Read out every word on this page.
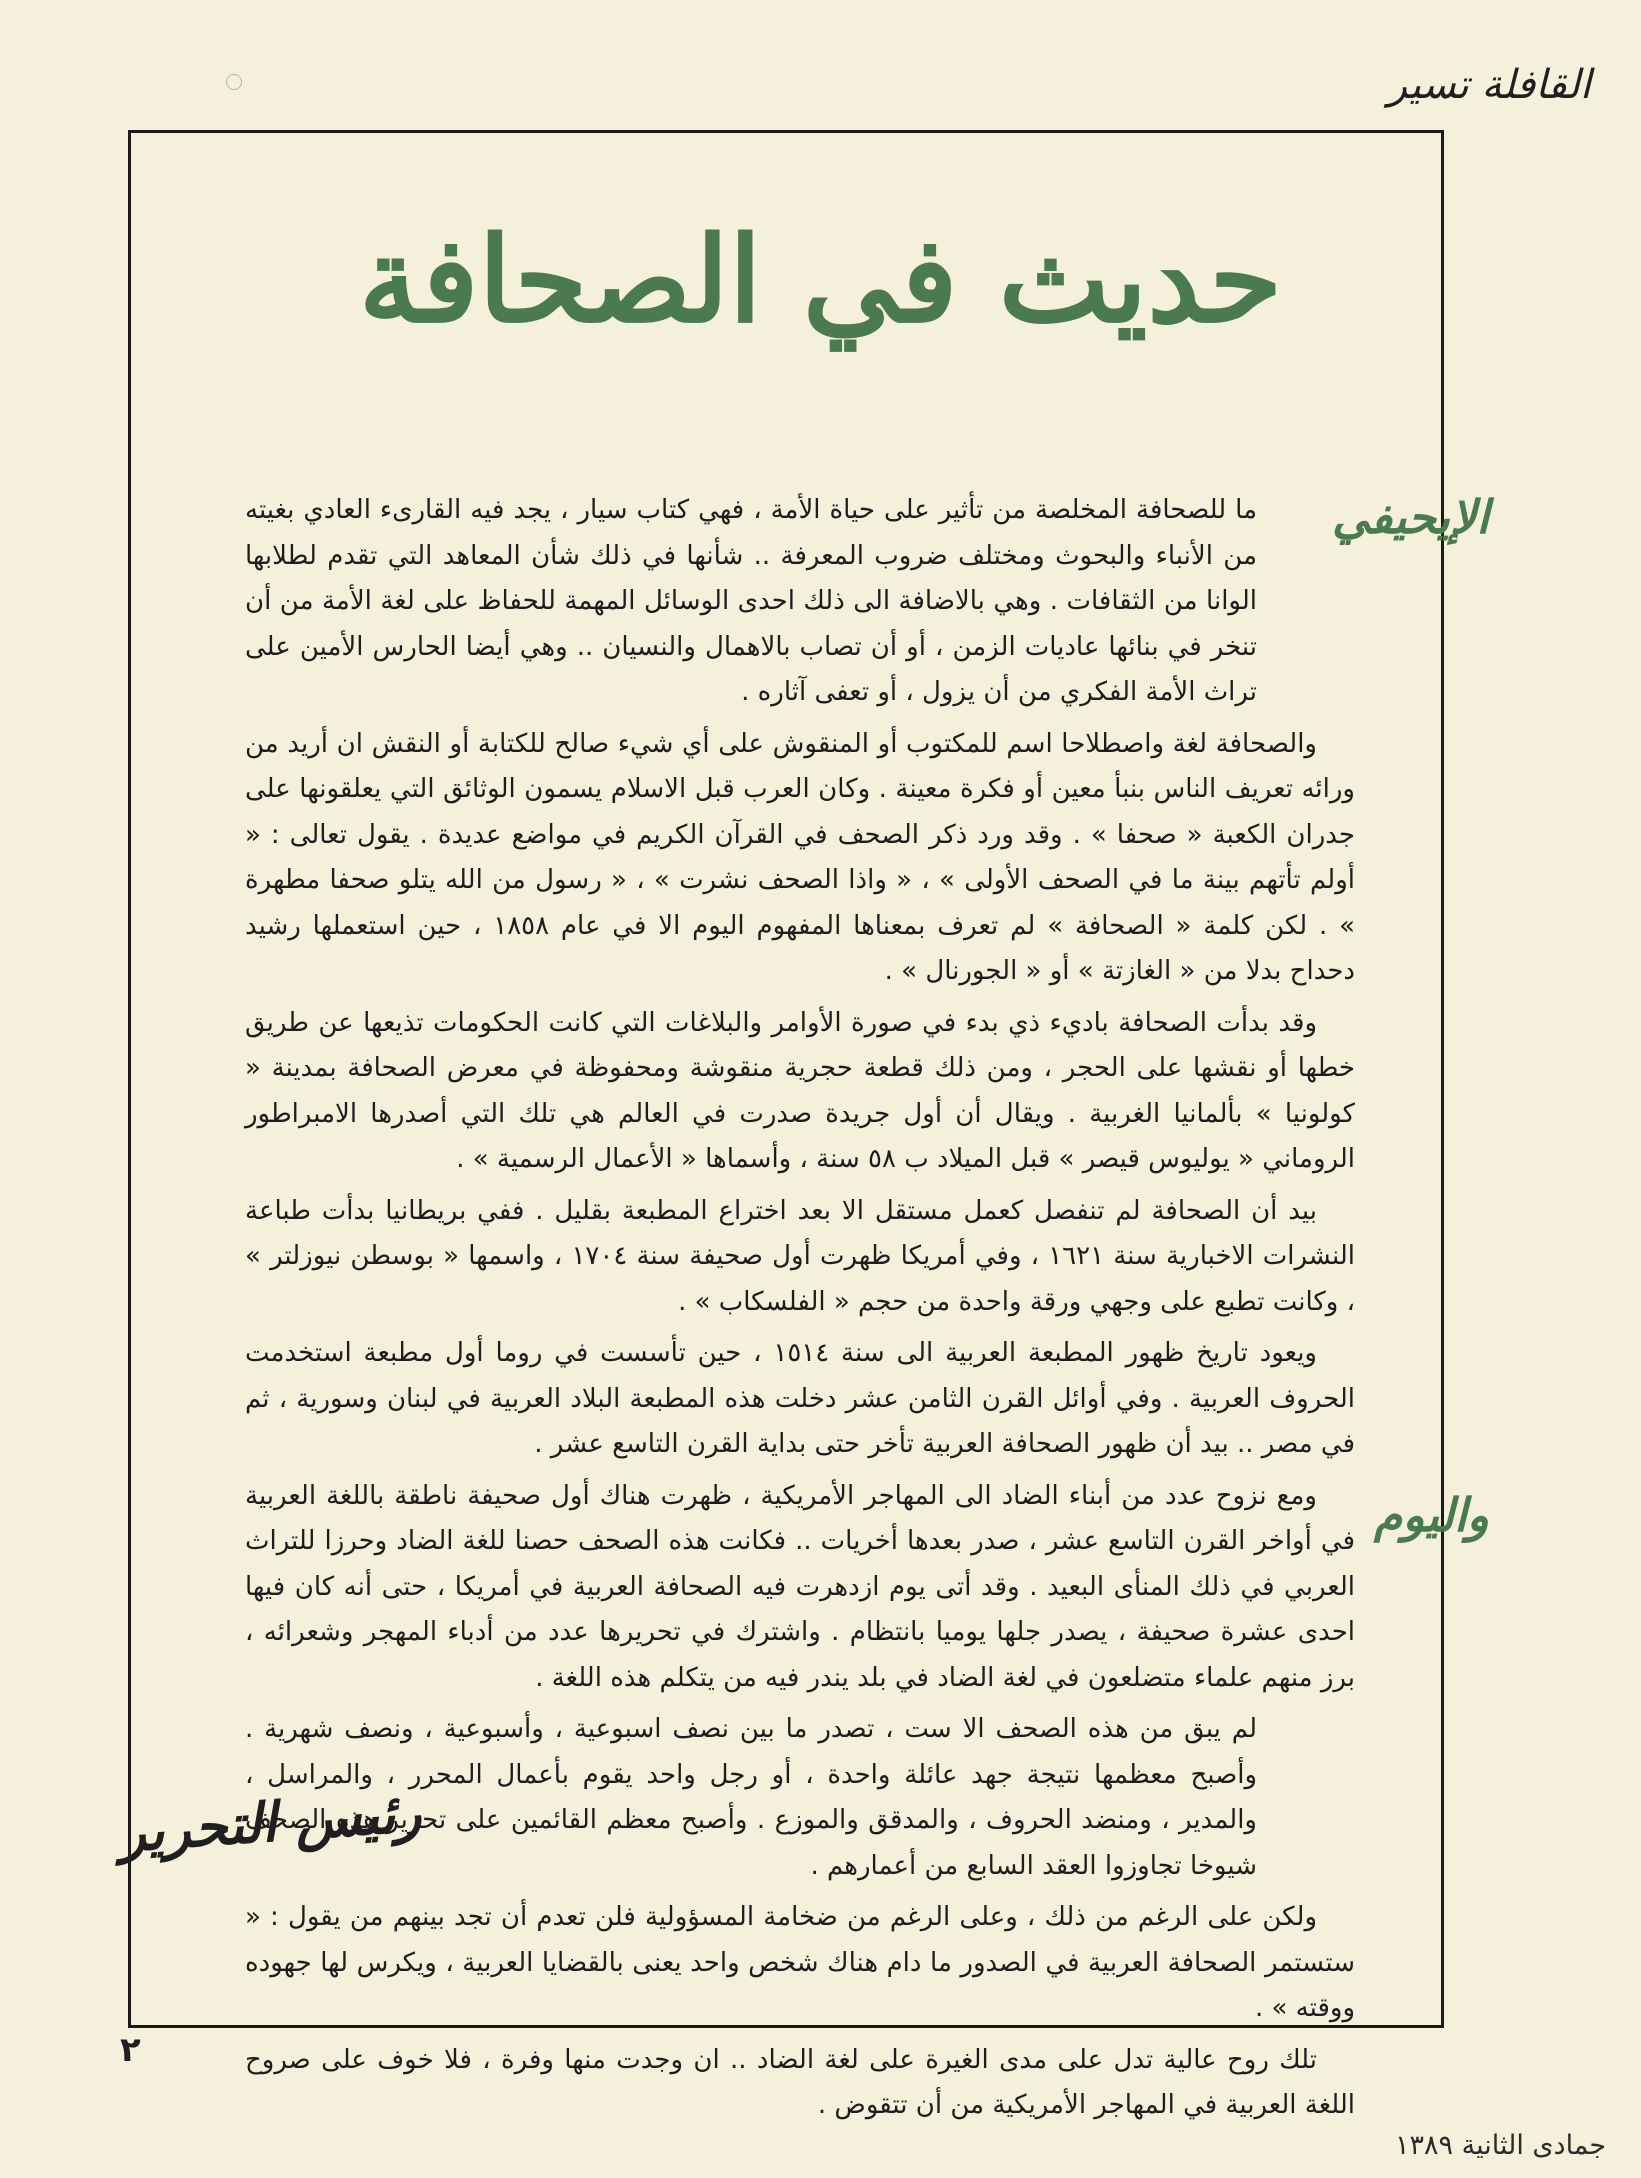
القافلة تسير
حديث في الصحافة
الإيحيفي
واليوم

ما للصحافة المخلصة من تأثير على حياة الأمة ، فهي كتاب سيار ، يجد فيه القارىء العادي بغيته من الأنباء والبحوث ومختلف ضروب المعرفة .. شأنها في ذلك شأن المعاهد التي تقدم لطلابها الوانا من الثقافات . وهي بالاضافة الى ذلك احدى الوسائل المهمة للحفاظ على لغة الأمة من أن تنخر في بنائها عاديات الزمن ، أو أن تصاب بالاهمال والنسيان .. وهي أيضا الحارس الأمين على تراث الأمة الفكري من أن يزول ، أو تعفى آثاره .

والصحافة لغة واصطلاحا اسم للمكتوب أو المنقوش على أي شيء صالح للكتابة أو النقش ان أريد من ورائه تعريف الناس بنبأ معين أو فكرة معينة . وكان العرب قبل الاسلام يسمون الوثائق التي يعلقونها على جدران الكعبة « صحفا » . وقد ورد ذكر الصحف في القرآن الكريم في مواضع عديدة . يقول تعالى : « أولم تأتهم بينة ما في الصحف الأولى » ، « واذا الصحف نشرت » ، « رسول من الله يتلو صحفا مطهرة » . لكن كلمة « الصحافة » لم تعرف بمعناها المفهوم اليوم الا في عام ١٨٥٨ ، حين استعملها رشيد دحداح بدلا من « الغازتة » أو « الجورنال » .

وقد بدأت الصحافة باديء ذي بدء في صورة الأوامر والبلاغات التي كانت الحكومات تذيعها عن طريق خطها أو نقشها على الحجر ، ومن ذلك قطعة حجرية منقوشة ومحفوظة في معرض الصحافة بمدينة « كولونيا » بألمانيا الغربية . ويقال أن أول جريدة صدرت في العالم هي تلك التي أصدرها الامبراطور الروماني « يوليوس قيصر » قبل الميلاد ب ٥٨ سنة ، وأسماها « الأعمال الرسمية » .

بيد أن الصحافة لم تنفصل كعمل مستقل الا بعد اختراع المطبعة بقليل . ففي بريطانيا بدأت طباعة النشرات الاخبارية سنة ١٦٢١ ، وفي أمريكا ظهرت أول صحيفة سنة ١٧٠٤ ، واسمها « بوسطن نيوزلتر » ، وكانت تطبع على وجهي ورقة واحدة من حجم « الفلسكاب » .

ويعود تاريخ ظهور المطبعة العربية الى سنة ١٥١٤ ، حين تأسست في روما أول مطبعة استخدمت الحروف العربية . وفي أوائل القرن الثامن عشر دخلت هذه المطبعة البلاد العربية في لبنان وسورية ، ثم في مصر .. بيد أن ظهور الصحافة العربية تأخر حتى بداية القرن التاسع عشر .

ومع نزوح عدد من أبناء الضاد الى المهاجر الأمريكية ، ظهرت هناك أول صحيفة ناطقة باللغة العربية في أواخر القرن التاسع عشر ، صدر بعدها أخريات .. فكانت هذه الصحف حصنا للغة الضاد وحرزا للتراث العربي في ذلك المنأى البعيد . وقد أتى يوم ازدهرت فيه الصحافة العربية في أمريكا ، حتى أنه كان فيها احدى عشرة صحيفة ، يصدر جلها يوميا بانتظام . واشترك في تحريرها عدد من أدباء المهجر وشعرائه ، برز منهم علماء متضلعون في لغة الضاد في بلد يندر فيه من يتكلم هذه اللغة .

لم يبق من هذه الصحف الا ست ، تصدر ما بين نصف اسبوعية ، وأسبوعية ، ونصف شهرية . وأصبح معظمها نتيجة جهد عائلة واحدة ، أو رجل واحد يقوم بأعمال المحرر ، والمراسل ، والمدير ، ومنضد الحروف ، والمدقق والموزع . وأصبح معظم القائمين على تحرير هذه الصحف شيوخا تجاوزوا العقد السابع من أعمارهم .

ولكن على الرغم من ذلك ، وعلى الرغم من ضخامة المسؤولية فلن تعدم أن تجد بينهم من يقول : « ستستمر الصحافة العربية في الصدور ما دام هناك شخص واحد يعنى بالقضايا العربية ، ويكرس لها جهوده ووقته » .

تلك روح عالية تدل على مدى الغيرة على لغة الضاد .. ان وجدت منها وفرة ، فلا خوف على صروح اللغة العربية في المهاجر الأمريكية من أن تتقوض .

رئيس التحرير
٢
جمادى الثانية ١٣٨٩
